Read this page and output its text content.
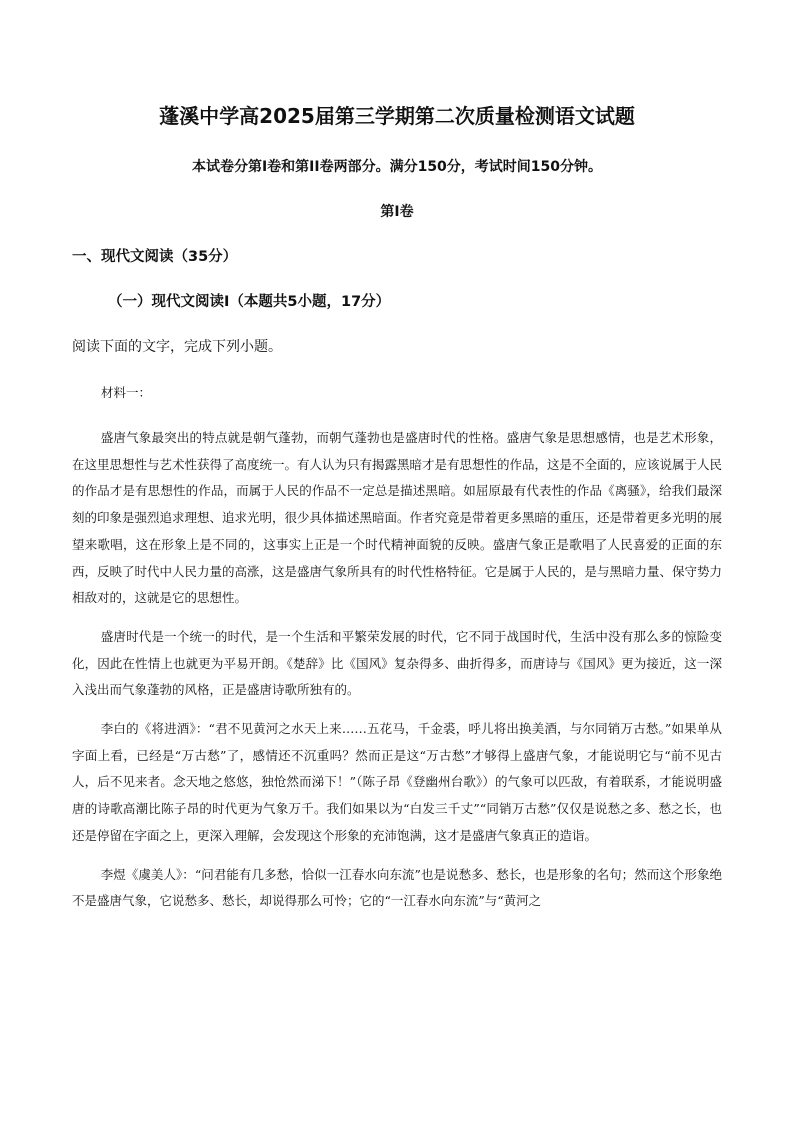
蓬溪中学高2025届第三学期第二次质量检测语文试题
本试卷分第I卷和第II卷两部分。满分150分，考试时间150分钟。
第I卷
一、现代文阅读（35分）
（一）现代文阅读I（本题共5小题，17分）
阅读下面的文字，完成下列小题。
材料一：

盛唐气象最突出的特点就是朝气蓬勃，而朝气蓬勃也是盛唐时代的性格。盛唐气象是思想感情，也是艺术形象，在这里思想性与艺术性获得了高度统一。有人认为只有揭露黑暗才是有思想性的作品，这是不全面的，应该说属于人民的作品才是有思想性的作品，而属于人民的作品不一定总是描述黑暗。如屈原最有代表性的作品《离骚》，给我们最深刻的印象是强烈追求理想、追求光明，很少具体描述黑暗面。作者究竟是带着更多黑暗的重压，还是带着更多光明的展望来歌唱，这在形象上是不同的，这事实上正是一个时代精神面貌的反映。盛唐气象正是歌唱了人民喜爱的正面的东西，反映了时代中人民力量的高涨，这是盛唐气象所具有的时代性格特征。它是属于人民的，是与黑暗力量、保守势力相敌对的，这就是它的思想性。

盛唐时代是一个统一的时代，是一个生活和平繁荣发展的时代，它不同于战国时代，生活中没有那么多的惊险变化，因此在性情上也就更为平易开朗。《楚辞》比《国风》复杂得多、曲折得多，而唐诗与《国风》更为接近，这一深入浅出而气象蓬勃的风格，正是盛唐诗歌所独有的。

李白的《将进酒》：“君不见黄河之水天上来……五花马，千金裘，呼儿将出换美酒，与尔同销万古愁。”如果单从字面上看，已经是“万古愁”了，感情还不沉重吗？然而正是这“万古愁”才够得上盛唐气象，才能说明它与“前不见古人，后不见来者。念天地之悠悠，独怆然而涕下！”（陈子昂《登幽州台歌》）的气象可以匹敌，有着联系，才能说明盛唐的诗歌高潮比陈子昂的时代更为气象万千。我们如果以为“白发三千丈”“同销万古愁”仅仅是说愁之多、愁之长，也还是停留在字面之上，更深入理解，会发现这个形象的充沛饱满，这才是盛唐气象真正的造诣。

李煜《虞美人》：“问君能有几多愁，恰似一江春水向东流”也是说愁多、愁长，也是形象的名句；然而这个形象绝不是盛唐气象，它说愁多、愁长，却说得那么可怜；它的“一江春水向东流”与“黄河之
